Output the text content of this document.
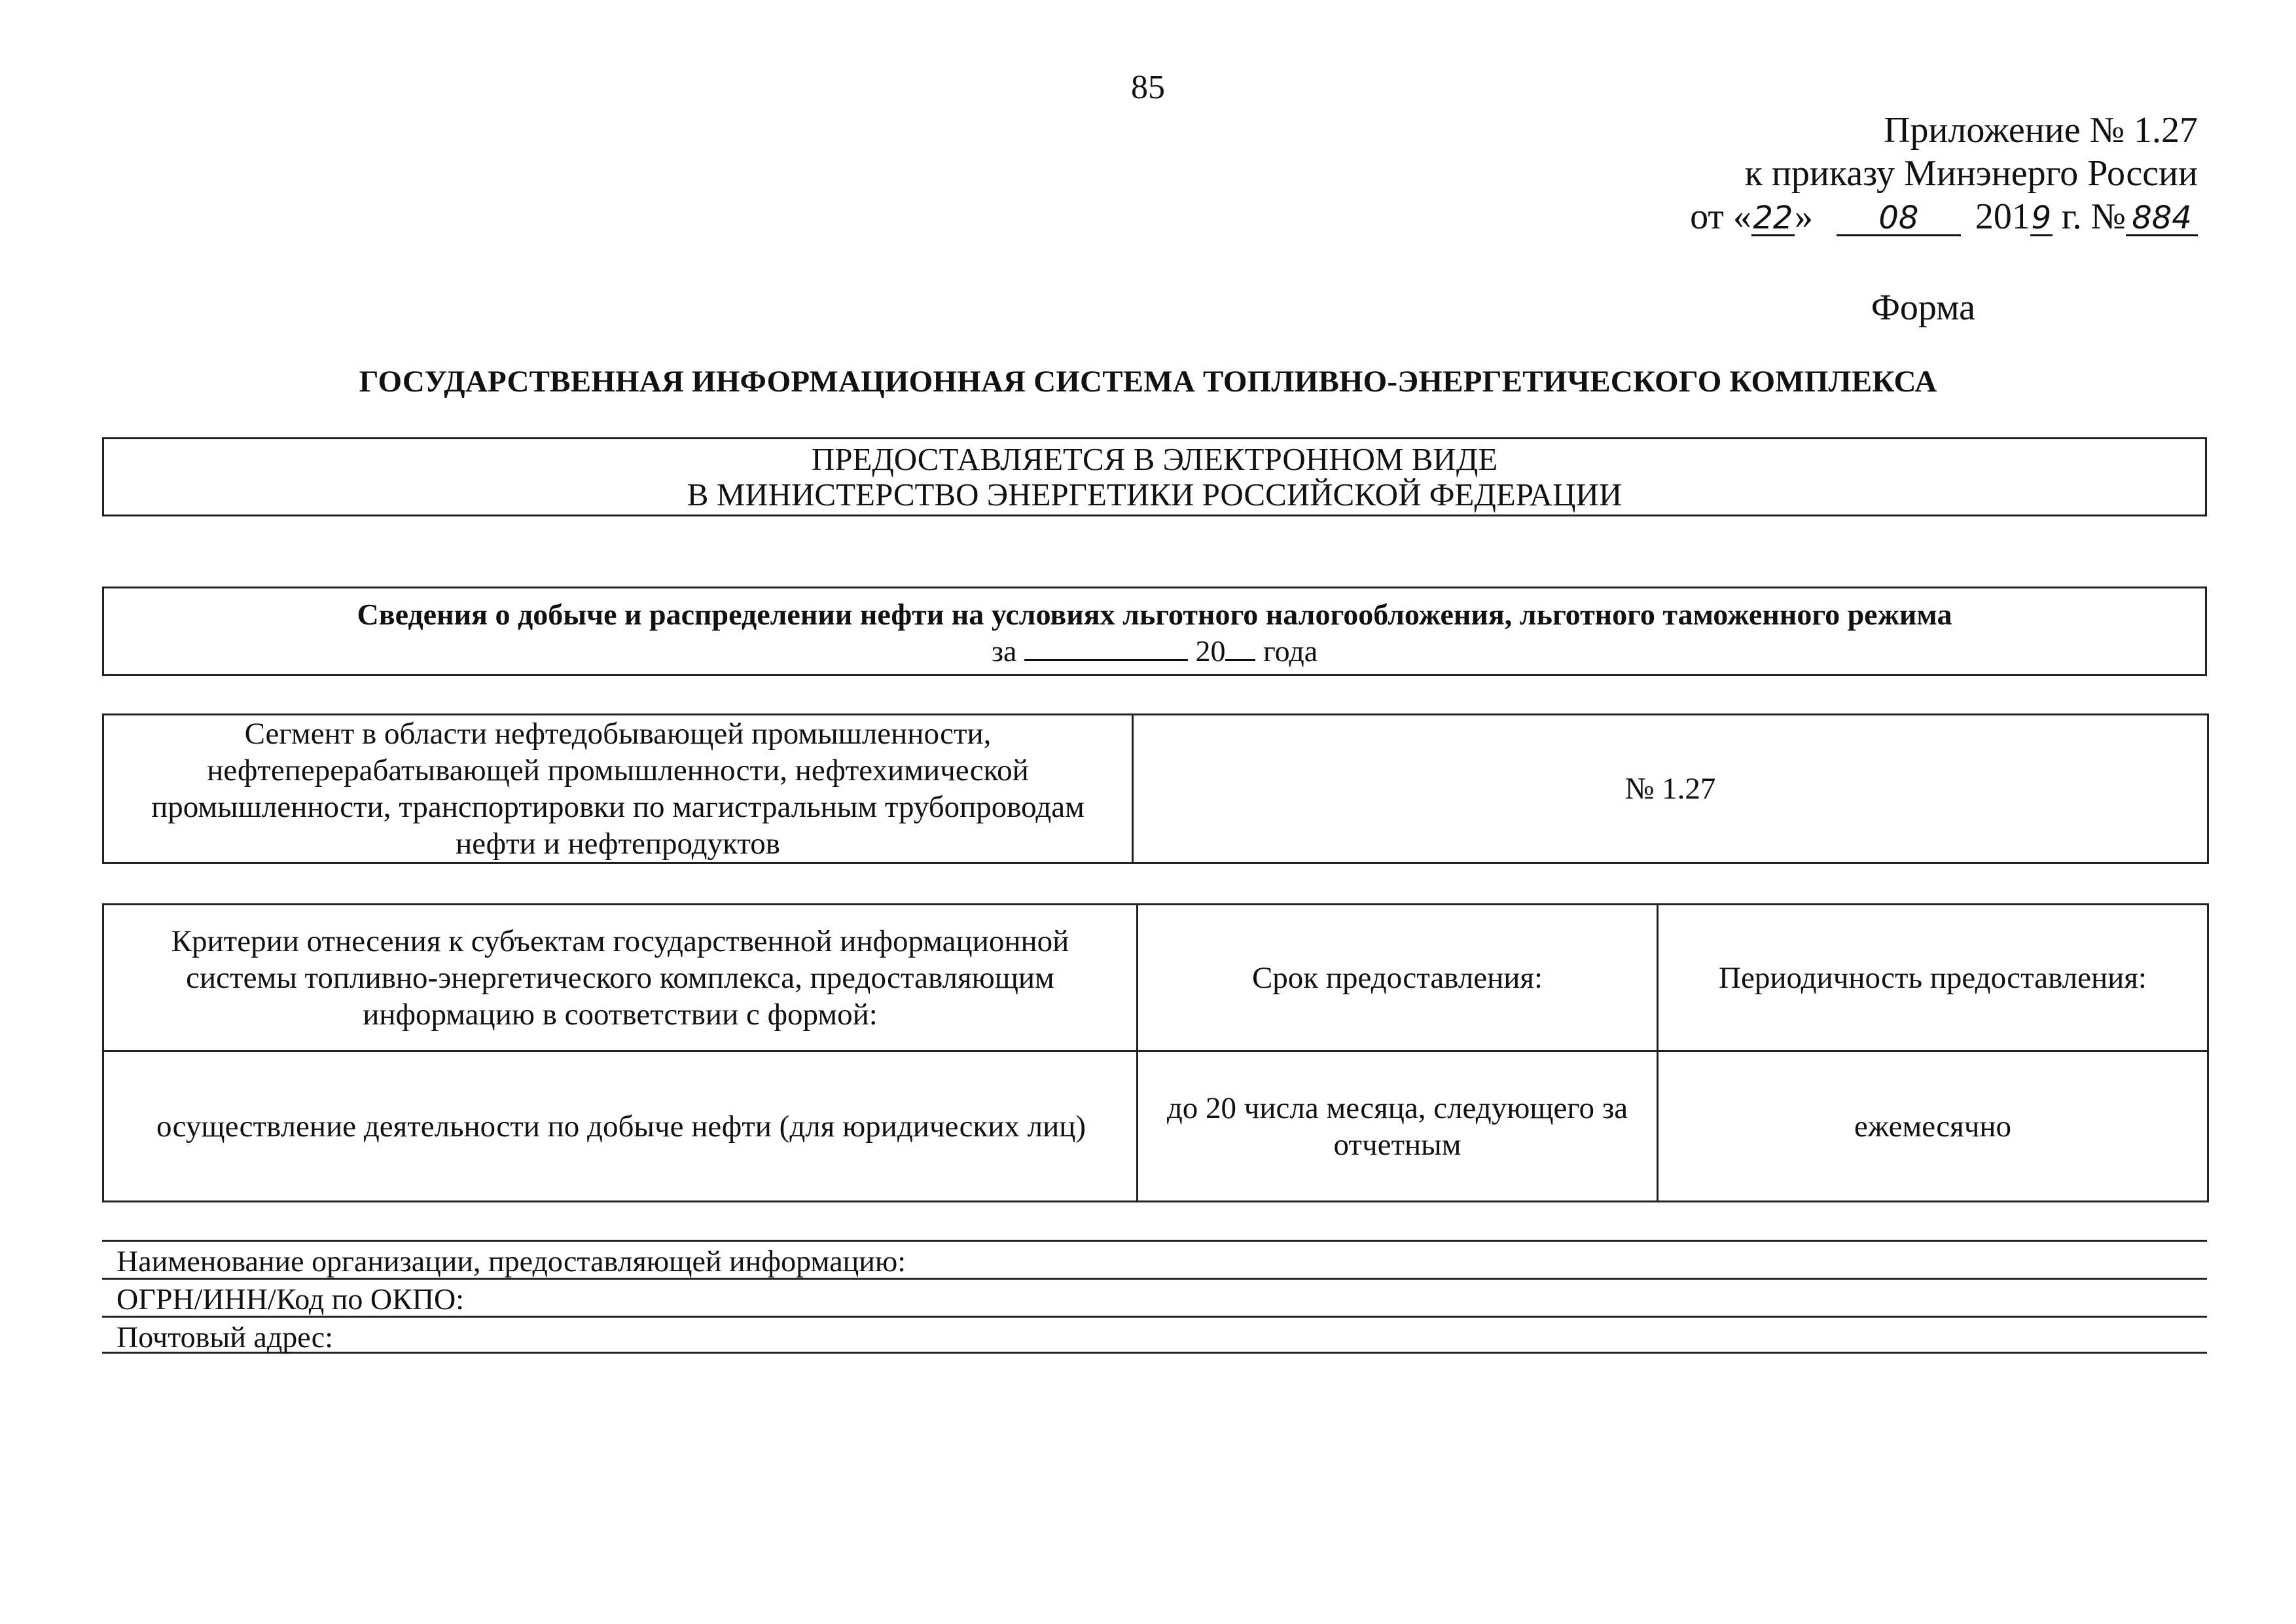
85
Приложение № 1.27
к приказу Минэнерго России
от «22» 08 2019 г. № 884
Форма
ГОСУДАРСТВЕННАЯ ИНФОРМАЦИОННАЯ СИСТЕМА ТОПЛИВНО-ЭНЕРГЕТИЧЕСКОГО КОМПЛЕКСА
ПРЕДОСТАВЛЯЕТСЯ В ЭЛЕКТРОННОМ ВИДЕ
В МИНИСТЕРСТВО ЭНЕРГЕТИКИ РОССИЙСКОЙ ФЕДЕРАЦИИ
Сведения о добыче и распределении нефти на условиях льготного налогообложения, льготного таможенного режима
за	20 года
Сегмент в области нефтедобывающей промышленности, нефтеперерабатывающей промышленности, нефтехимической промышленности, транспортировки по магистральным трубопроводам нефти и нефтепродуктов	№ 1.27
Критерии отнесения к субъектам государственной информационной системы топливно-энергетического комплекса, предоставляющим информацию в соответствии с формой:	Срок предоставления:	Периодичность предоставления:
осуществление деятельности по добыче нефти (для юридических лиц)	до 20 числа месяца, следующего за отчетным	ежемесячно
Наименование организации, предоставляющей информацию:
ОГРН/ИНН/Код по ОКПО:
Почтовый адрес:
